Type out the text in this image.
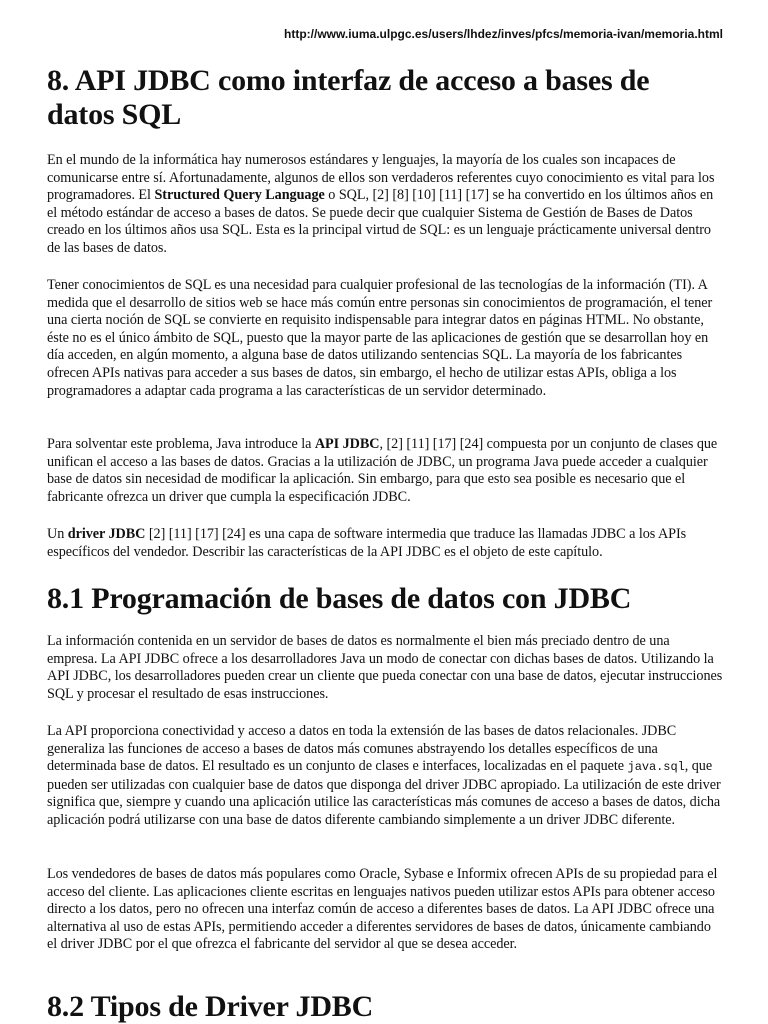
http://www.iuma.ulpgc.es/users/lhdez/inves/pfcs/memoria-ivan/memoria.html
8. API JDBC como interfaz de acceso a bases de datos SQL

En el mundo de la informática hay numerosos estándares y lenguajes, la mayoría de los cuales son incapaces de comunicarse entre sí. Afortunadamente, algunos de ellos son verdaderos referentes cuyo conocimiento es vital para los programadores. El Structured Query Language o SQL, [2] [8] [10] [11] [17] se ha convertido en los últimos años en el método estándar de acceso a bases de datos. Se puede decir que cualquier Sistema de Gestión de Bases de Datos creado en los últimos años usa SQL. Esta es la principal virtud de SQL: es un lenguaje prácticamente universal dentro de las bases de datos.

Tener conocimientos de SQL es una necesidad para cualquier profesional de las tecnologías de la información (TI). A medida que el desarrollo de sitios web se hace más común entre personas sin conocimientos de programación, el tener una cierta noción de SQL se convierte en requisito indispensable para integrar datos en páginas HTML. No obstante, éste no es el único ámbito de SQL, puesto que la mayor parte de las aplicaciones de gestión que se desarrollan hoy en día acceden, en algún momento, a alguna base de datos utilizando sentencias SQL. La mayoría de los fabricantes ofrecen APIs nativas para acceder a sus bases de datos, sin embargo, el hecho de utilizar estas APIs, obliga a los programadores a adaptar cada programa a las características de un servidor determinado.

Para solventar este problema, Java introduce la API JDBC, [2] [11] [17] [24] compuesta por un conjunto de clases que unifican el acceso a las bases de datos. Gracias a la utilización de JDBC, un programa Java puede acceder a cualquier base de datos sin necesidad de modificar la aplicación. Sin embargo, para que esto sea posible es necesario que el fabricante ofrezca un driver que cumpla la especificación JDBC.

Un driver JDBC [2] [11] [17] [24] es una capa de software intermedia que traduce las llamadas JDBC a los APIs específicos del vendedor. Describir las características de la API JDBC es el objeto de este capítulo.

8.1 Programación de bases de datos con JDBC

La información contenida en un servidor de bases de datos es normalmente el bien más preciado dentro de una empresa. La API JDBC ofrece a los desarrolladores Java un modo de conectar con dichas bases de datos. Utilizando la API JDBC, los desarrolladores pueden crear un cliente que pueda conectar con una base de datos, ejecutar instrucciones SQL y procesar el resultado de esas instrucciones.

La API proporciona conectividad y acceso a datos en toda la extensión de las bases de datos relacionales. JDBC generaliza las funciones de acceso a bases de datos más comunes abstrayendo los detalles específicos de una determinada base de datos. El resultado es un conjunto de clases e interfaces, localizadas en el paquete java.sql, que pueden ser utilizadas con cualquier base de datos que disponga del driver JDBC apropiado. La utilización de este driver significa que, siempre y cuando una aplicación utilice las características más comunes de acceso a bases de datos, dicha aplicación podrá utilizarse con una base de datos diferente cambiando simplemente a un driver JDBC diferente.

Los vendedores de bases de datos más populares como Oracle, Sybase e Informix ofrecen APIs de su propiedad para el acceso del cliente. Las aplicaciones cliente escritas en lenguajes nativos pueden utilizar estos APIs para obtener acceso directo a los datos, pero no ofrecen una interfaz común de acceso a diferentes bases de datos. La API JDBC ofrece una alternativa al uso de estas APIs, permitiendo acceder a diferentes servidores de bases de datos, únicamente cambiando el driver JDBC por el que ofrezca el fabricante del servidor al que se desea acceder.

8.2 Tipos de Driver JDBC
